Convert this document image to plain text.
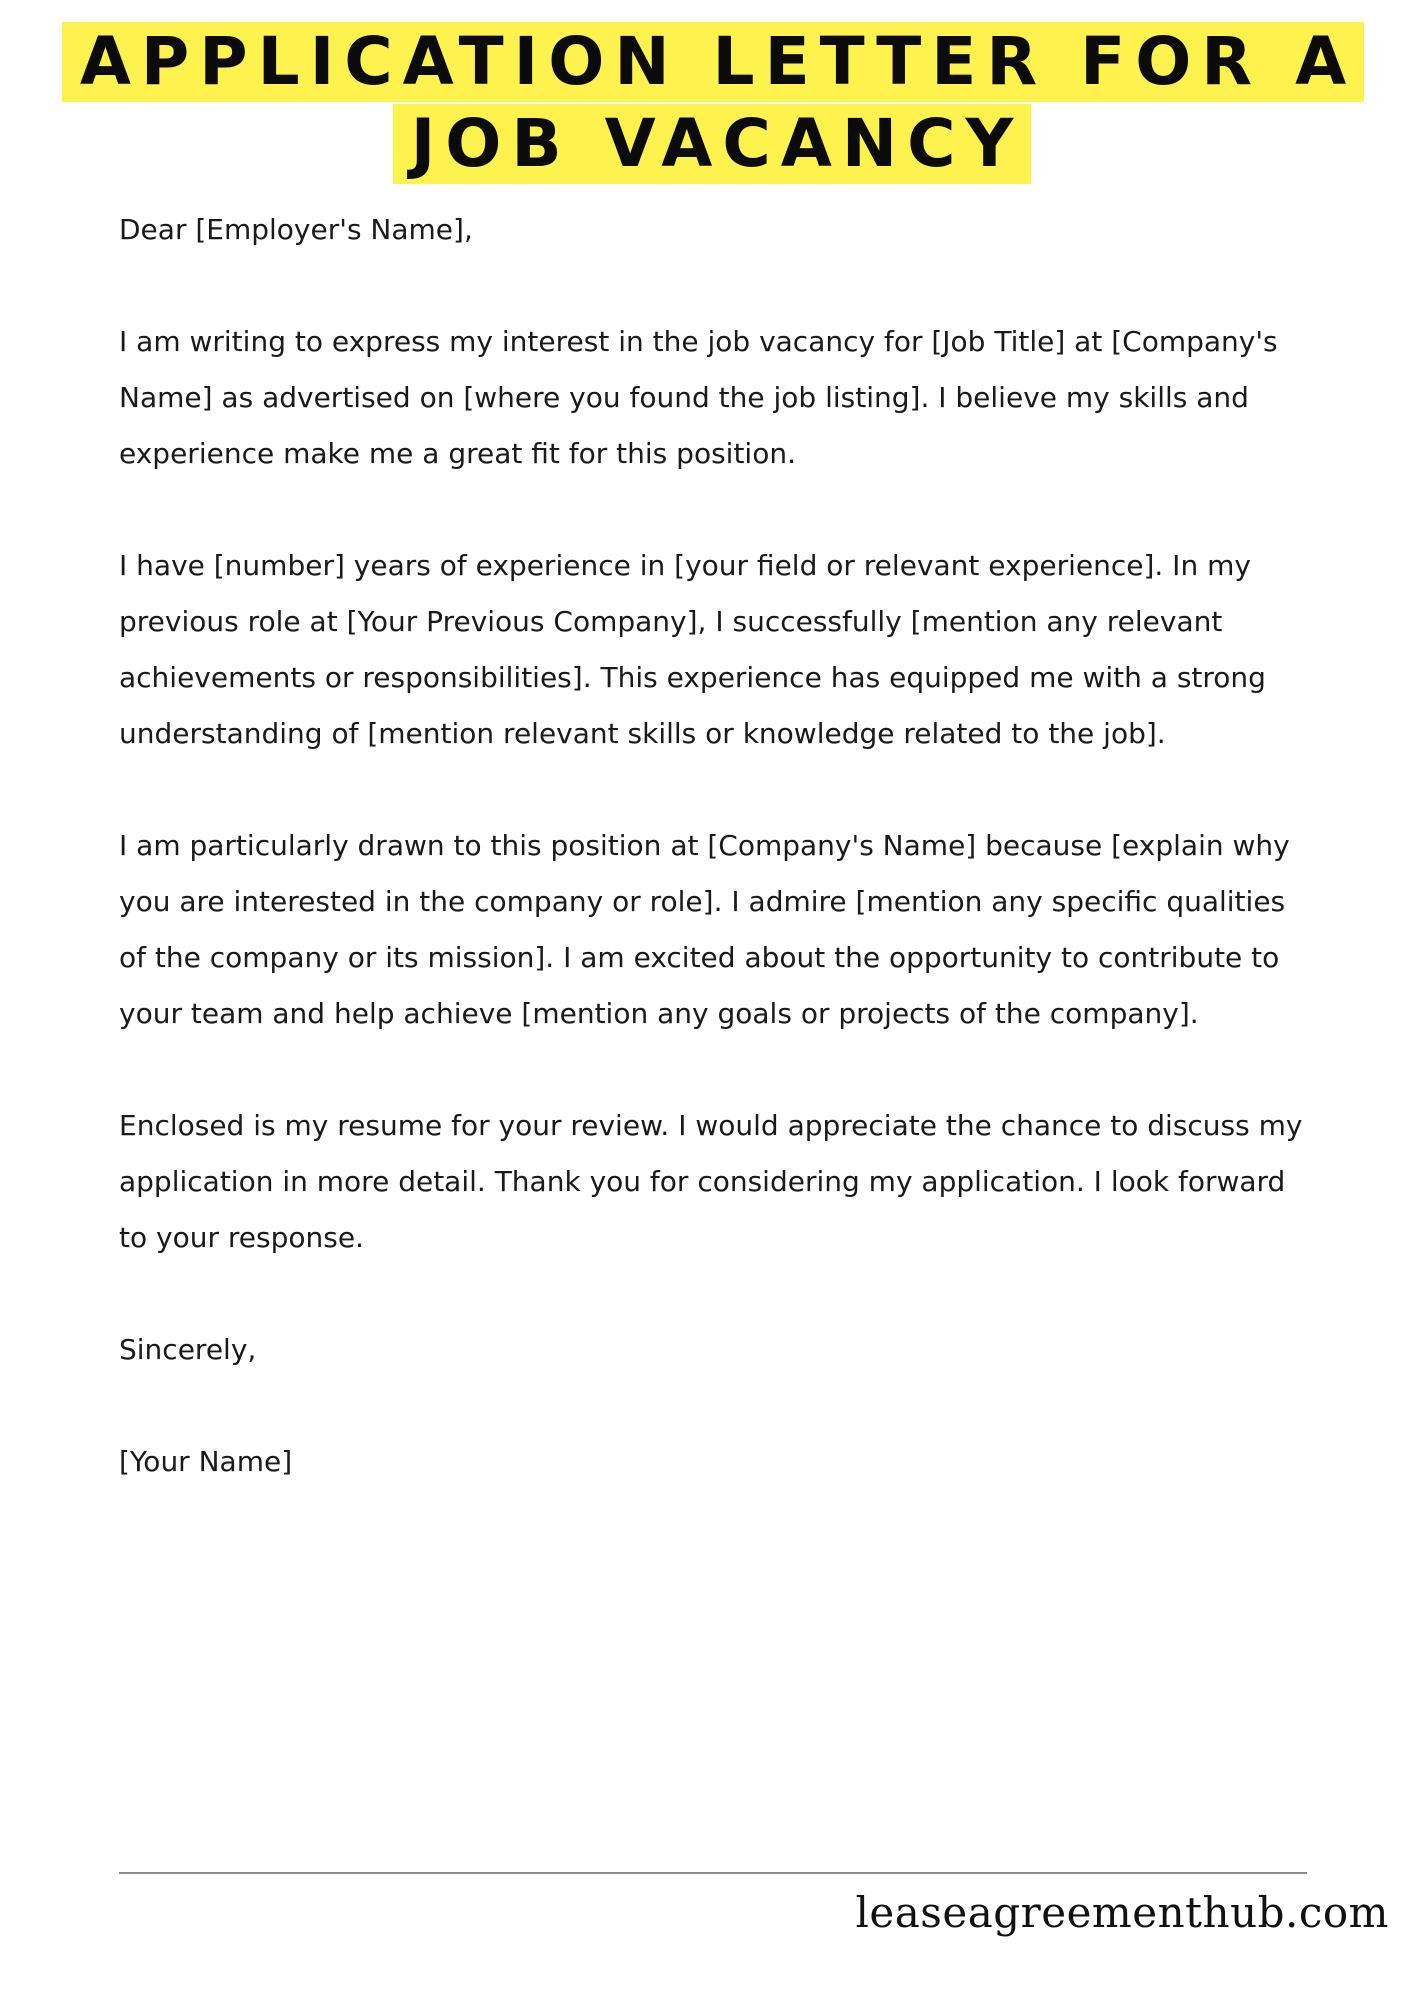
APPLICATION LETTER FOR A
JOB VACANCY

Dear [Employer's Name],

I am writing to express my interest in the job vacancy for [Job Title] at [Company's Name] as advertised on [where you found the job listing]. I believe my skills and experience make me a great fit for this position.

I have [number] years of experience in [your field or relevant experience]. In my previous role at [Your Previous Company], I successfully [mention any relevant achievements or responsibilities]. This experience has equipped me with a strong understanding of [mention relevant skills or knowledge related to the job].

I am particularly drawn to this position at [Company's Name] because [explain why you are interested in the company or role]. I admire [mention any specific qualities of the company or its mission]. I am excited about the opportunity to contribute to your team and help achieve [mention any goals or projects of the company].

Enclosed is my resume for your review. I would appreciate the chance to discuss my application in more detail. Thank you for considering my application. I look forward to your response.

Sincerely,

[Your Name]

leaseagreementhub.com
